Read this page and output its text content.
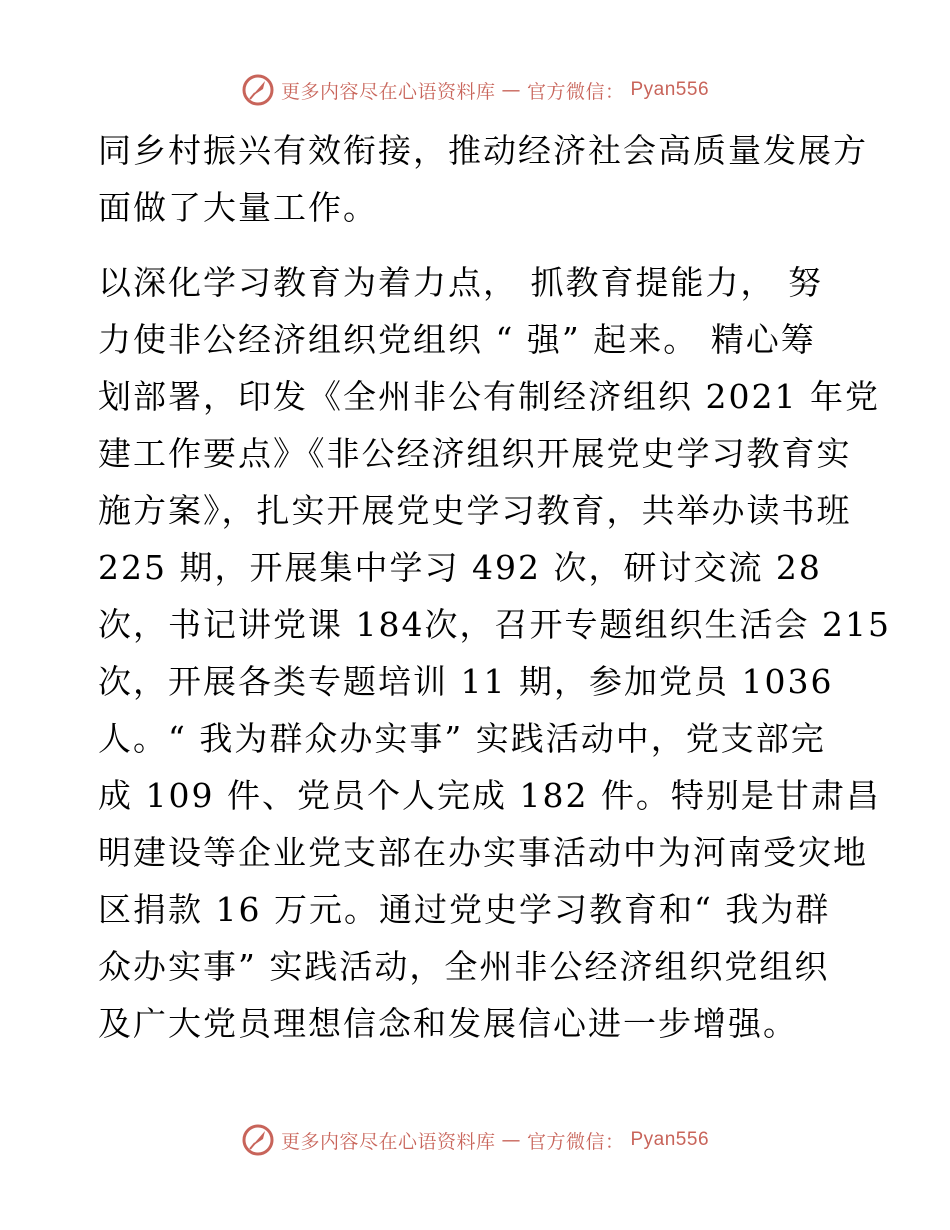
更多内容尽在心语资料库 — 官方微信： Pyan556

同乡村振兴有效衔接，推动经济社会高质量发展方
面做了大量工作。

以深化学习教育为着力点， 抓教育提能力， 努
力使非公经济组织党组织 “ 强” 起来。 精心筹
划部署，印发《全州非公有制经济组织 2021 年党
建工作要点》《非公经济组织开展党史学习教育实
施方案》，扎实开展党史学习教育，共举办读书班
225 期，开展集中学习 492 次，研讨交流 28
次，书记讲党课 184次，召开专题组织生活会 215
次，开展各类专题培训 11 期，参加党员 1036
人。“ 我为群众办实事” 实践活动中，党支部完
成 109 件、党员个人完成 182 件。特别是甘肃昌
明建设等企业党支部在办实事活动中为河南受灾地
区捐款 16 万元。通过党史学习教育和“ 我为群
众办实事” 实践活动，全州非公经济组织党组织
及广大党员理想信念和发展信心进一步增强。

更多内容尽在心语资料库 — 官方微信： Pyan556
